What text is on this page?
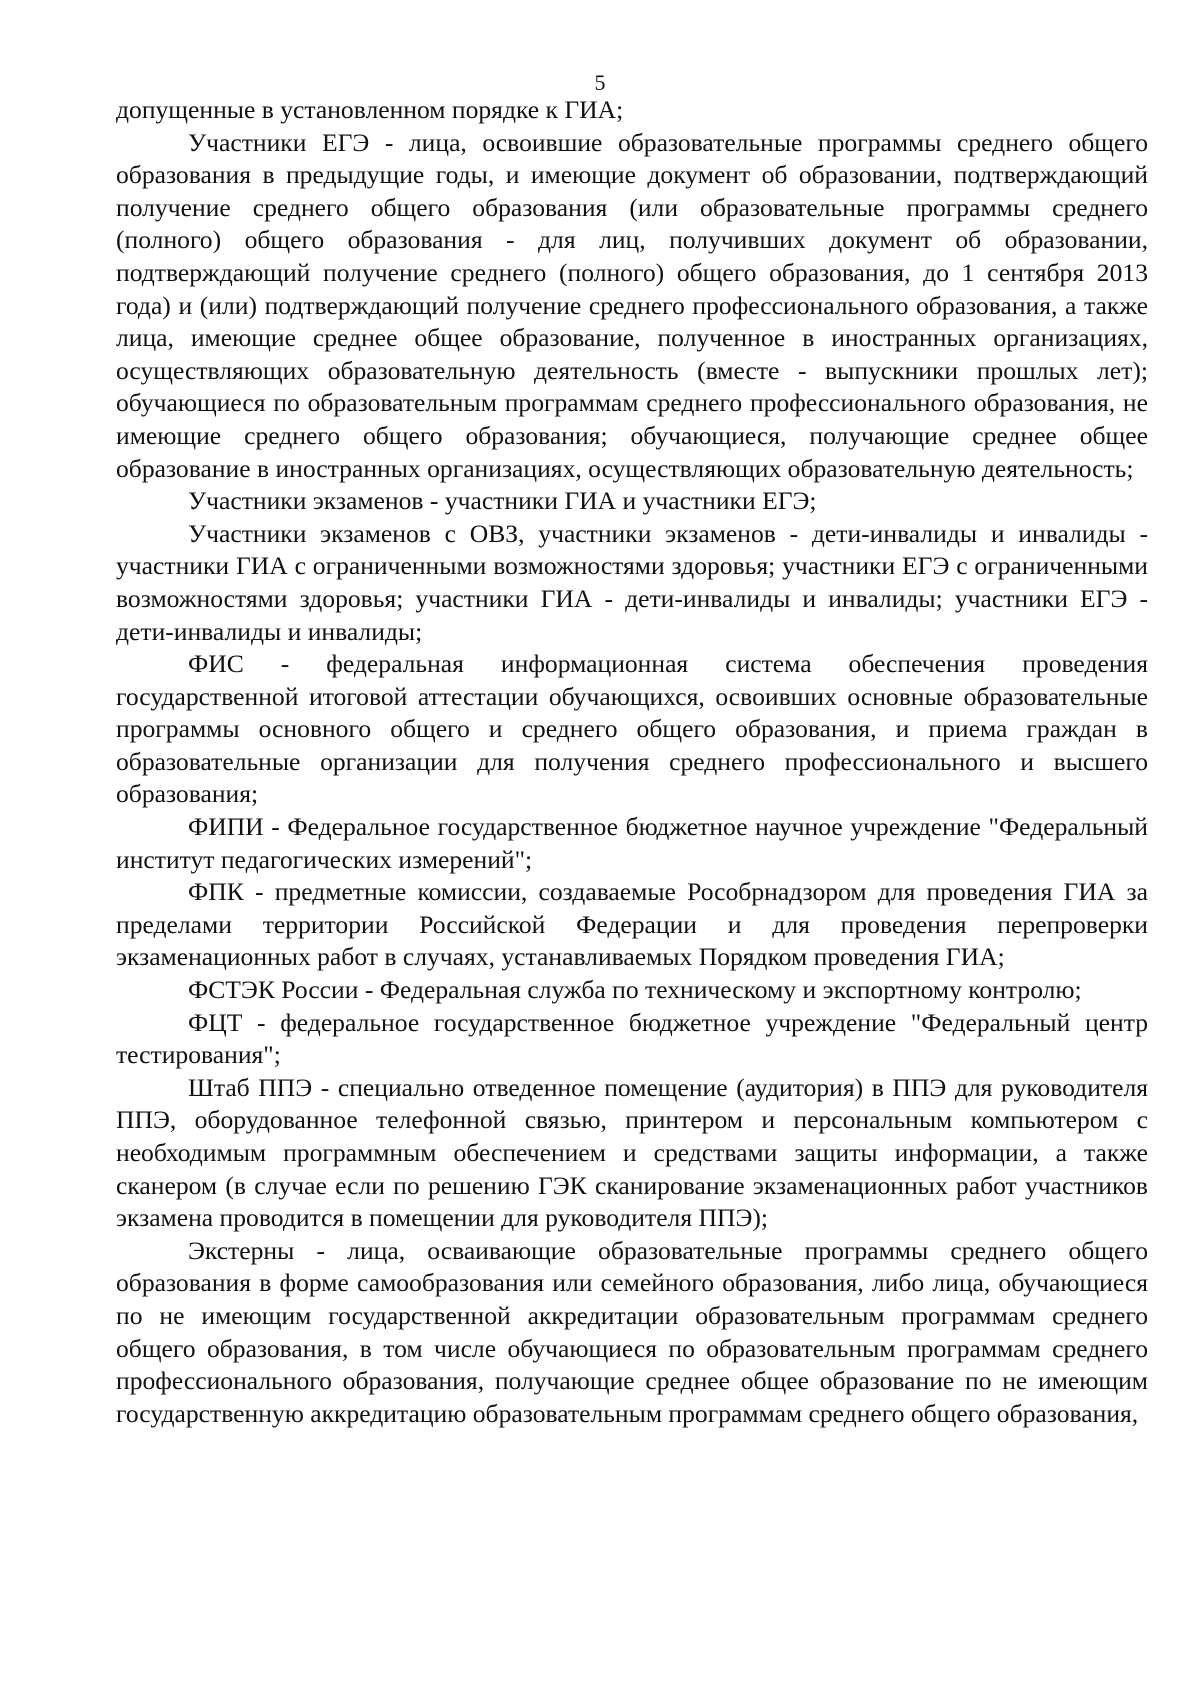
5

допущенные в установленном порядке к ГИА;

Участники ЕГЭ - лица, освоившие образовательные программы среднего общего образования в предыдущие годы, и имеющие документ об образовании, подтверждающий получение среднего общего образования (или образовательные программы среднего (полного) общего образования - для лиц, получивших документ об образовании, подтверждающий получение среднего (полного) общего образования, до 1 сентября 2013 года) и (или) подтверждающий получение среднего профессионального образования, а также лица, имеющие среднее общее образование, полученное в иностранных организациях, осуществляющих образовательную деятельность (вместе - выпускники прошлых лет); обучающиеся по образовательным программам среднего профессионального образования, не имеющие среднего общего образования; обучающиеся, получающие среднее общее образование в иностранных организациях, осуществляющих образовательную деятельность;

Участники экзаменов - участники ГИА и участники ЕГЭ;

Участники экзаменов с ОВЗ, участники экзаменов - дети-инвалиды и инвалиды - участники ГИА с ограниченными возможностями здоровья; участники ЕГЭ с ограниченными возможностями здоровья; участники ГИА - дети-инвалиды и инвалиды; участники ЕГЭ - дети-инвалиды и инвалиды;

ФИС - федеральная информационная система обеспечения проведения государственной итоговой аттестации обучающихся, освоивших основные образовательные программы основного общего и среднего общего образования, и приема граждан в образовательные организации для получения среднего профессионального и высшего образования;

ФИПИ - Федеральное государственное бюджетное научное учреждение "Федеральный институт педагогических измерений";

ФПК - предметные комиссии, создаваемые Рособрнадзором для проведения ГИА за пределами территории Российской Федерации и для проведения перепроверки экзаменационных работ в случаях, устанавливаемых Порядком проведения ГИА;

ФСТЭК России - Федеральная служба по техническому и экспортному контролю;

ФЦТ - федеральное государственное бюджетное учреждение "Федеральный центр тестирования";

Штаб ППЭ - специально отведенное помещение (аудитория) в ППЭ для руководителя ППЭ, оборудованное телефонной связью, принтером и персональным компьютером с необходимым программным обеспечением и средствами защиты информации, а также сканером (в случае если по решению ГЭК сканирование экзаменационных работ участников экзамена проводится в помещении для руководителя ППЭ);

Экстерны - лица, осваивающие образовательные программы среднего общего образования в форме самообразования или семейного образования, либо лица, обучающиеся по не имеющим государственной аккредитации образовательным программам среднего общего образования, в том числе обучающиеся по образовательным программам среднего профессионального образования, получающие среднее общее образование по не имеющим государственную аккредитацию образовательным программам среднего общего образования,
